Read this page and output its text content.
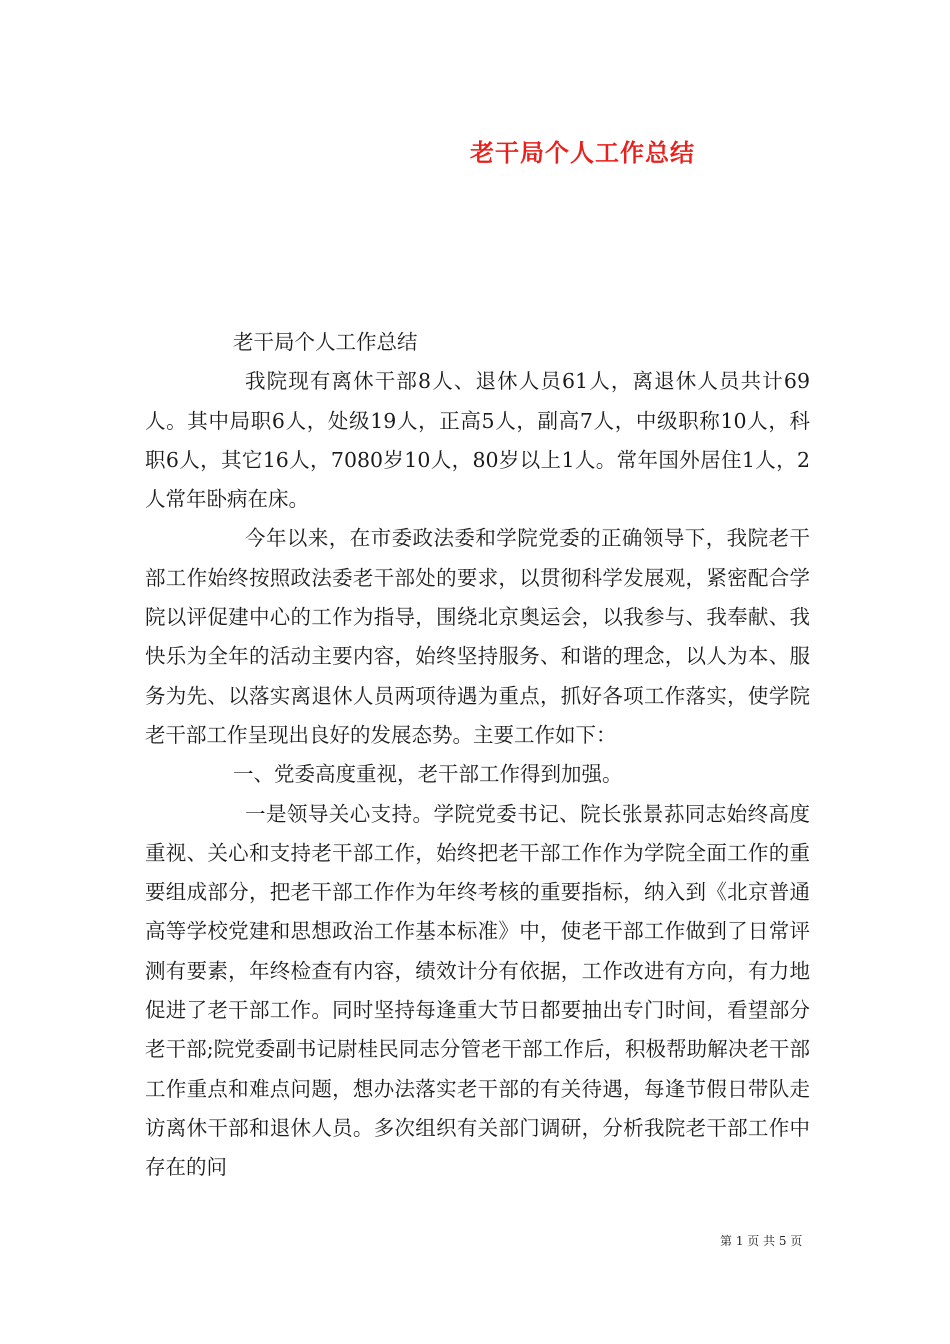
老干局个人工作总结

老干局个人工作总结

我院现有离休干部8人、退休人员61人，离退休人员共计69人。其中局职6人，处级19人，正高5人，副高7人，中级职称10人，科职6人，其它16人，7080岁10人，80岁以上1人。常年国外居住1人，2人常年卧病在床。

今年以来，在市委政法委和学院党委的正确领导下，我院老干部工作始终按照政法委老干部处的要求，以贯彻科学发展观，紧密配合学院以评促建中心的工作为指导，围绕北京奥运会，以我参与、我奉献、我快乐为全年的活动主要内容，始终坚持服务、和谐的理念，以人为本、服务为先、以落实离退休人员两项待遇为重点，抓好各项工作落实，使学院老干部工作呈现出良好的发展态势。主要工作如下：

一、党委高度重视，老干部工作得到加强。

一是领导关心支持。学院党委书记、院长张景荪同志始终高度重视、关心和支持老干部工作，始终把老干部工作作为学院全面工作的重要组成部分，把老干部工作作为年终考核的重要指标，纳入到《北京普通高等学校党建和思想政治工作基本标准》中，使老干部工作做到了日常评测有要素，年终检查有内容，绩效计分有依据，工作改进有方向，有力地促进了老干部工作。同时坚持每逢重大节日都要抽出专门时间，看望部分老干部;院党委副书记尉桂民同志分管老干部工作后，积极帮助解决老干部工作重点和难点问题，想办法落实老干部的有关待遇，每逢节假日带队走访离休干部和退休人员。多次组织有关部门调研，分析我院老干部工作中存在的问

第 1 页 共 5 页
